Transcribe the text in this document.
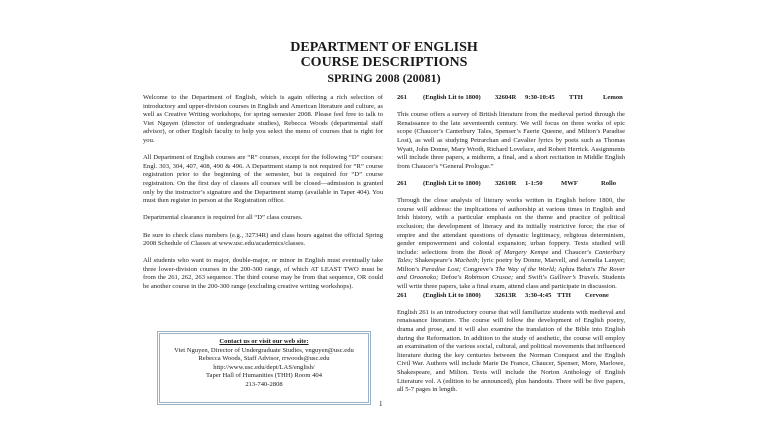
DEPARTMENT OF ENGLISH
COURSE DESCRIPTIONS
SPRING 2008 (20081)

Welcome to the Department of English, which is again offering a rich selection of introductory and upper-division courses in English and American literature and culture, as well as Creative Writing workshops, for spring semester 2008. Please feel free to talk to Viet Nguyen (director of undergraduate studies), Rebecca Woods (departmental staff advisor), or other English faculty to help you select the menu of courses that is right for you.

All Department of English courses are “R” courses, except for the following “D” courses: Engl. 303, 304, 407, 408, 490 & 496. A Department stamp is not required for “R” course registration prior to the beginning of the semester, but is required for “D” course registration. On the first day of classes all courses will be closed—admission is granted only by the instructor’s signature and the Department stamp (available in Taper 404). You must then register in person at the Registration office.

Departmental clearance is required for all “D” class courses.

Be sure to check class numbers (e.g., 32734R) and class hours against the official Spring 2008 Schedule of Classes at www.usc.edu/academics/classes.

All students who want to major, double-major, or minor in English must eventually take three lower-division courses in the 200-300 range, of which AT LEAST TWO must be from the 261, 262, 263 sequence. The third course may be from that sequence, OR could be another course in the 200-300 range (excluding creative writing workshops).

Contact us or visit our web site:
Viet Nguyen, Director of Undergraduate Studies, vnguyen@usc.edu
Rebecca Woods, Staff Advisor, rrwoods@usc.edu
http://www.usc.edu/dept/LAS/english/
Taper Hall of Humanities (THH) Room 404
213-740-2808
261	(English Lit to 1800)	32604R	9:30-10:45	TTH	Lemon

This course offers a survey of British literature from the medieval period through the Renaissance to the late seventeenth century. We will focus on three works of epic scope (Chaucer’s Canterbury Tales, Spenser’s Faerie Queene, and Milton’s Paradise Lost), as well as studying Petrarchan and Cavalier lyrics by poets such as Thomas Wyatt, John Donne, Mary Wroth, Richard Lovelace, and Robert Herrick. Assignments will include three papers, a midterm, a final, and a short recitation in Middle English from Chaucer’s “General Prologue.”

261	(English Lit to 1800)	32610R	1-1:50	MWF	Rollo

Through the close analysis of literary works written in English before 1800, the course will address: the implications of authorship at various times in English and Irish history, with a particular emphasis on the theme and practice of political exclusion; the development of literacy and its initially restrictive force; the rise of empire and the attendant questions of dynastic legitimacy, religious determinism, gender empowerment and colonial expansion; urban foppery. Texts studied will include: selections from the Book of Margery Kempe and Chaucer’s Canterbury Tales; Shakespeare’s Macbeth; lyric poetry by Donne, Marvell, and Aemelia Lanyer; Milton’s Paradise Lost; Congreve’s The Way of the World; Aphra Behn’s The Rover and Oroonoko; Defoe’s Robinson Crusoe; and Swift’s Gulliver’s Travels. Students will write three papers, take a final exam, attend class and participate in discussion.

261	(English Lit to 1800)	32613R	3:30-4:45 TTH	Cervone

English 261 is an introductory course that will familiarize students with medieval and renaissance literature. The course will follow the development of English poetry, drama and prose, and it will also examine the translation of the Bible into English during the Reformation. In addition to the study of aesthetic, the course will employ an examination of the various social, cultural, and political movements that influenced literature during the key centuries between the Norman Conquest and the English Civil War. Authors will include Marie De France, Chaucer, Spenser, More, Marlowe, Shakespeare, and Milton. Texts will include the Norton Anthology of English Literature vol. A (edition to be announced), plus handouts. There will be five papers, all 5-7 pages in length.

1
